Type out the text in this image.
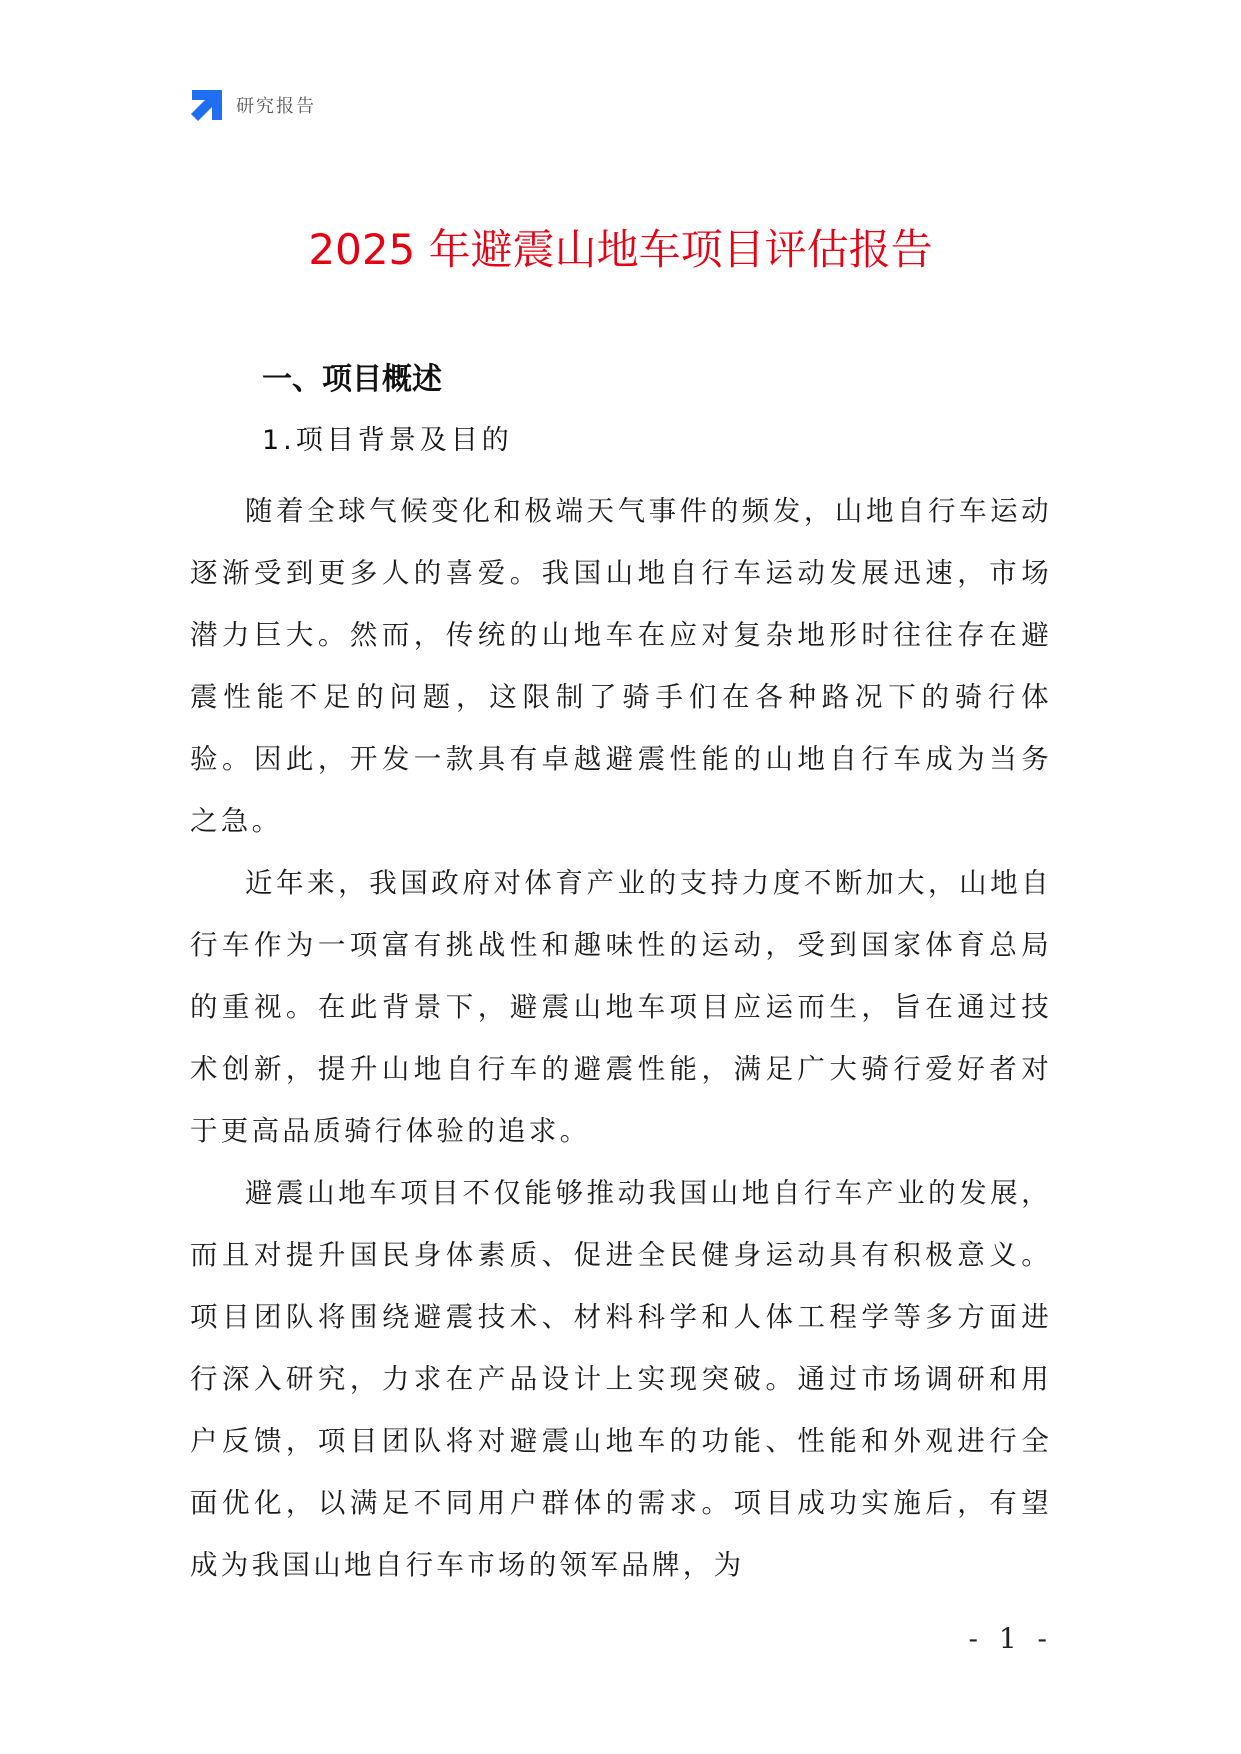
研究报告
2025 年避震山地车项目评估报告
一、项目概述
1.项目背景及目的

随着全球气候变化和极端天气事件的频发，山地自行车运动逐渐受到更多人的喜爱。我国山地自行车运动发展迅速，市场潜力巨大。然而，传统的山地车在应对复杂地形时往往存在避震性能不足的问题，这限制了骑手们在各种路况下的骑行体验。因此，开发一款具有卓越避震性能的山地自行车成为当务之急。

近年来，我国政府对体育产业的支持力度不断加大，山地自行车作为一项富有挑战性和趣味性的运动，受到国家体育总局的重视。在此背景下，避震山地车项目应运而生，旨在通过技术创新，提升山地自行车的避震性能，满足广大骑行爱好者对于更高品质骑行体验的追求。

避震山地车项目不仅能够推动我国山地自行车产业的发展，而且对提升国民身体素质、促进全民健身运动具有积极意义。项目团队将围绕避震技术、材料科学和人体工程学等多方面进行深入研究，力求在产品设计上实现突破。通过市场调研和用户反馈，项目团队将对避震山地车的功能、性能和外观进行全面优化，以满足不同用户群体的需求。项目成功实施后，有望成为我国山地自行车市场的领军品牌，为

- 1 -
